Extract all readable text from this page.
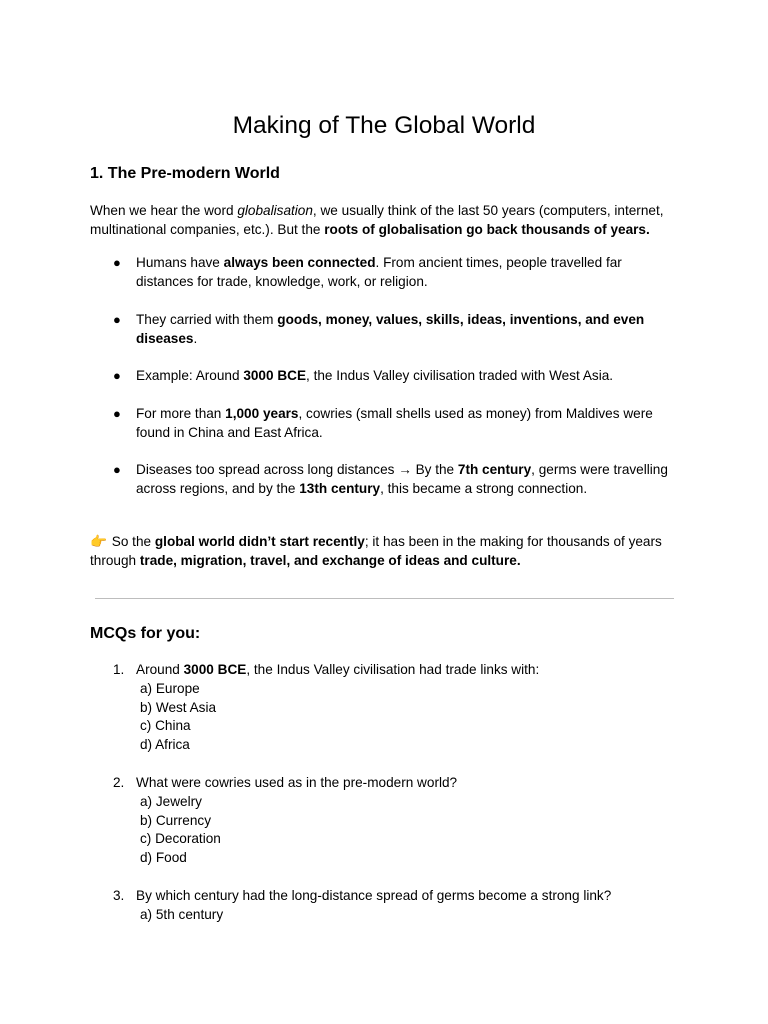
Making of The Global World
1. The Pre-modern World
When we hear the word globalisation, we usually think of the last 50 years (computers, internet,
multinational companies, etc.). But the roots of globalisation go back thousands of years.
● Humans have always been connected. From ancient times, people travelled far
distances for trade, knowledge, work, or religion.
● They carried with them goods, money, values, skills, ideas, inventions, and even
diseases.
● Example: Around 3000 BCE, the Indus Valley civilisation traded with West Asia.
● For more than 1,000 years, cowries (small shells used as money) from Maldives were
found in China and East Africa.
● Diseases too spread across long distances → By the 7th century, germs were travelling
across regions, and by the 13th century, this became a strong connection.
👉 So the global world didn’t start recently; it has been in the making for thousands of years
through trade, migration, travel, and exchange of ideas and culture.
MCQs for you:
1. Around 3000 BCE, the Indus Valley civilisation had trade links with:
a) Europe
b) West Asia
c) China
d) Africa
2. What were cowries used as in the pre-modern world?
a) Jewelry
b) Currency
c) Decoration
d) Food
3. By which century had the long-distance spread of germs become a strong link?
a) 5th century
